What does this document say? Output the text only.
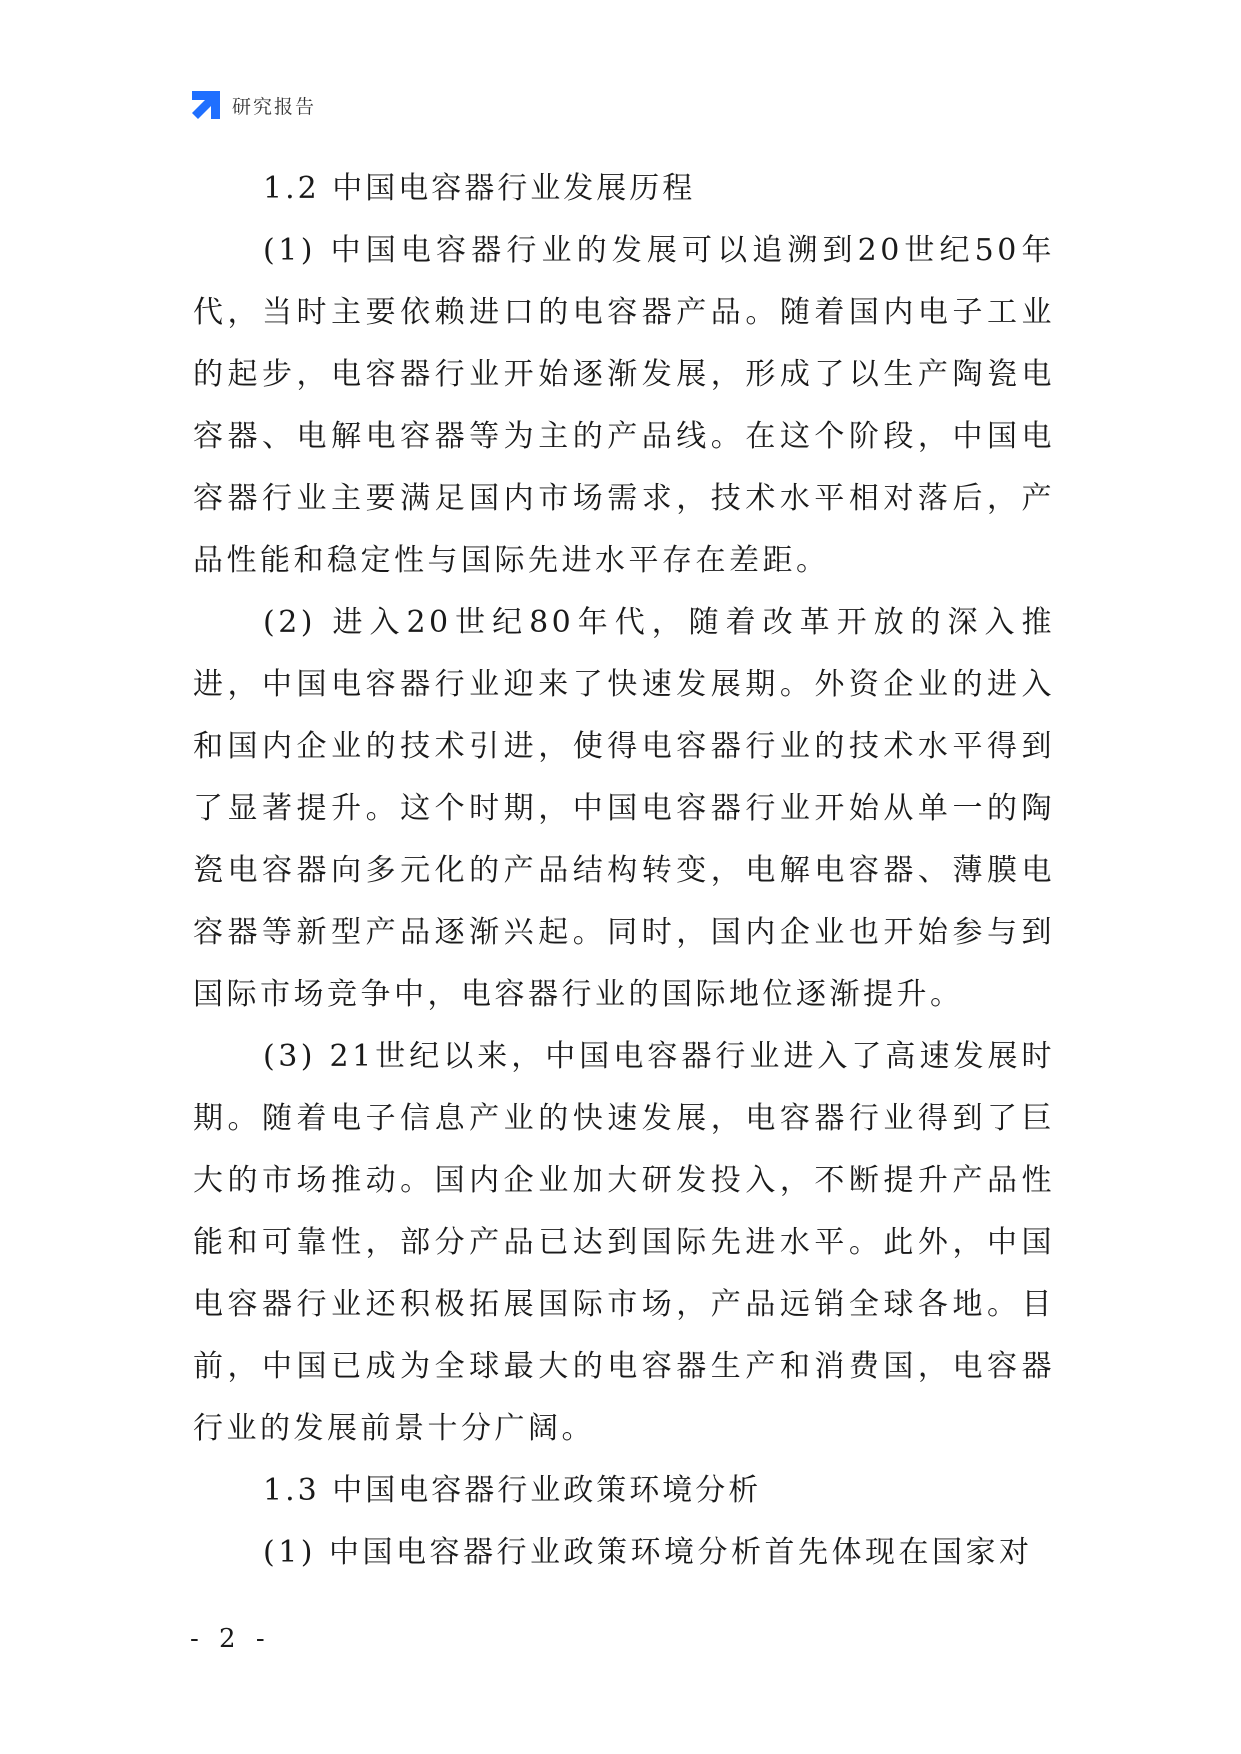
研究报告
1.2 中国电容器行业发展历程

(1) 中国电容器行业的发展可以追溯到20世纪50年代，当时主要依赖进口的电容器产品。随着国内电子工业的起步，电容器行业开始逐渐发展，形成了以生产陶瓷电容器、电解电容器等为主的产品线。在这个阶段，中国电容器行业主要满足国内市场需求，技术水平相对落后，产品性能和稳定性与国际先进水平存在差距。

(2) 进入20世纪80年代，随着改革开放的深入推进，中国电容器行业迎来了快速发展期。外资企业的进入和国内企业的技术引进，使得电容器行业的技术水平得到了显著提升。这个时期，中国电容器行业开始从单一的陶瓷电容器向多元化的产品结构转变，电解电容器、薄膜电容器等新型产品逐渐兴起。同时，国内企业也开始参与到国际市场竞争中，电容器行业的国际地位逐渐提升。

(3) 21世纪以来，中国电容器行业进入了高速发展时期。随着电子信息产业的快速发展，电容器行业得到了巨大的市场推动。国内企业加大研发投入，不断提升产品性能和可靠性，部分产品已达到国际先进水平。此外，中国电容器行业还积极拓展国际市场，产品远销全球各地。目前，中国已成为全球最大的电容器生产和消费国，电容器行业的发展前景十分广阔。

1.3 中国电容器行业政策环境分析

(1) 中国电容器行业政策环境分析首先体现在国家对

- 2 -
